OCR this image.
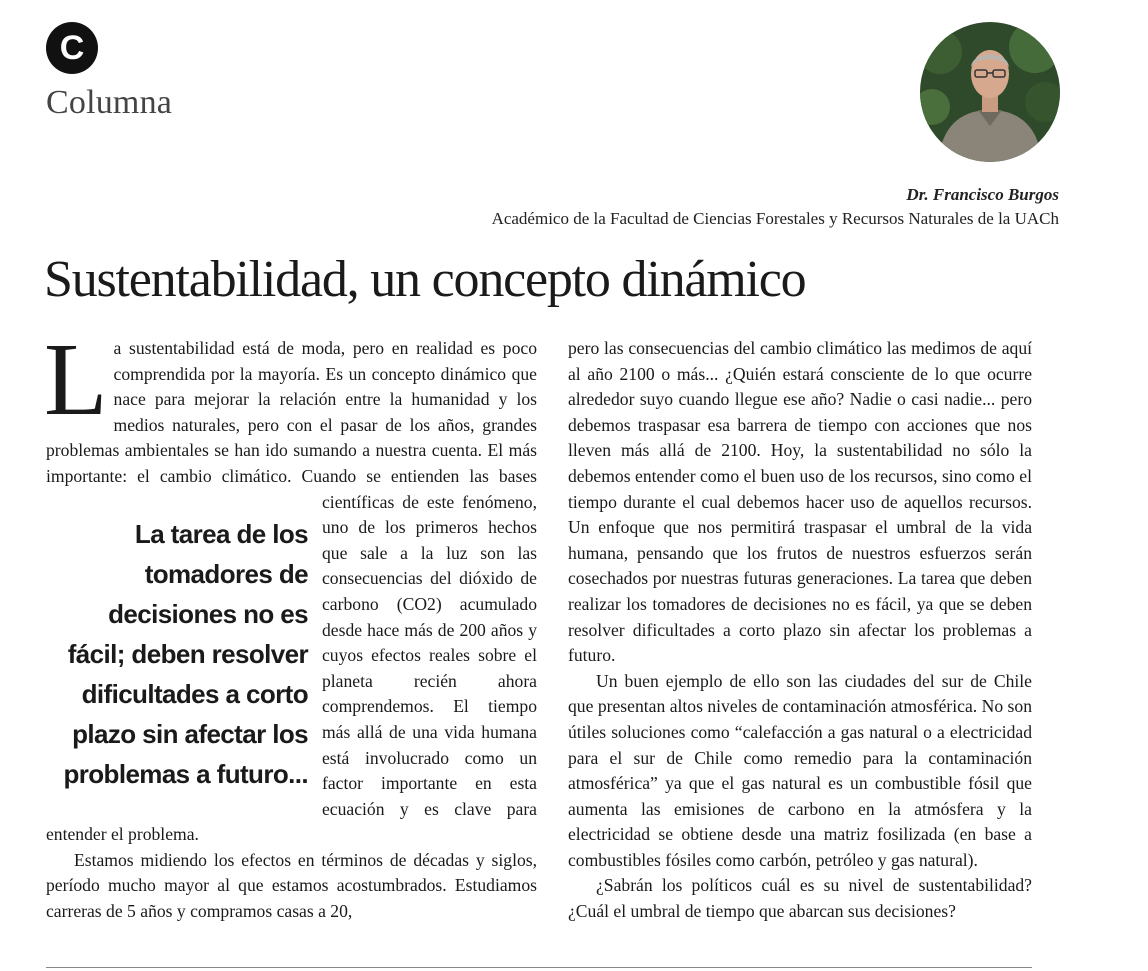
C
Columna
Dr. Francisco Burgos
Académico de la Facultad de Ciencias Forestales y Recursos Naturales de la UACh
Sustentabilidad, un concepto dinámico

L a sustentabilidad está de moda, pero en realidad es poco comprendida por la mayoría. Es un concepto dinámico que nace para mejorar la relación entre la humanidad y los medios naturales, pero con el pasar de los años, grandes problemas ambientales se han ido sumando a nuestra cuenta. El más importante: el cambio climático. Cuando se entienden las bases científicas de este fenómeno,
La tarea de los tomadores de decisiones no es fácil; deben resolver dificultades a corto plazo sin afectar los problemas a futuro...
uno de los primeros hechos que sale a la luz son las consecuencias del dióxido de carbono (CO2) acumulado desde hace más de 200 años y cuyos efectos reales sobre el planeta recién ahora comprendemos. El tiempo más allá de una vida humana está involucrado como un factor importante en esta ecuación y es clave para entender el problema.

Estamos midiendo los efectos en términos de décadas y siglos, período mucho mayor al que estamos acostumbrados. Estudiamos carreras de 5 años y compramos casas a 20,

pero las consecuencias del cambio climático las medimos de aquí al año 2100 o más... ¿Quién estará consciente de lo que ocurre alrededor suyo cuando llegue ese año? Nadie o casi nadie... pero debemos traspasar esa barrera de tiempo con acciones que nos lleven más allá de 2100. Hoy, la sustentabilidad no sólo la debemos entender como el buen uso de los recursos, sino como el tiempo durante el cual debemos hacer uso de aquellos recursos. Un enfoque que nos permitirá traspasar el umbral de la vida humana, pensando que los frutos de nuestros esfuerzos serán cosechados por nuestras futuras generaciones. La tarea que deben realizar los tomadores de decisiones no es fácil, ya que se deben resolver dificultades a corto plazo sin afectar los problemas a futuro.

Un buen ejemplo de ello son las ciudades del sur de Chile que presentan altos niveles de contaminación atmosférica. No son útiles soluciones como “calefacción a gas natural o a electricidad para el sur de Chile como remedio para la contaminación atmosférica” ya que el gas natural es un combustible fósil que aumenta las emisiones de carbono en la atmósfera y la electricidad se obtiene desde una matriz fosilizada (en base a combustibles fósiles como carbón, petróleo y gas natural).

¿Sabrán los políticos cuál es su nivel de sustentabilidad? ¿Cuál el umbral de tiempo que abarcan sus decisiones?
